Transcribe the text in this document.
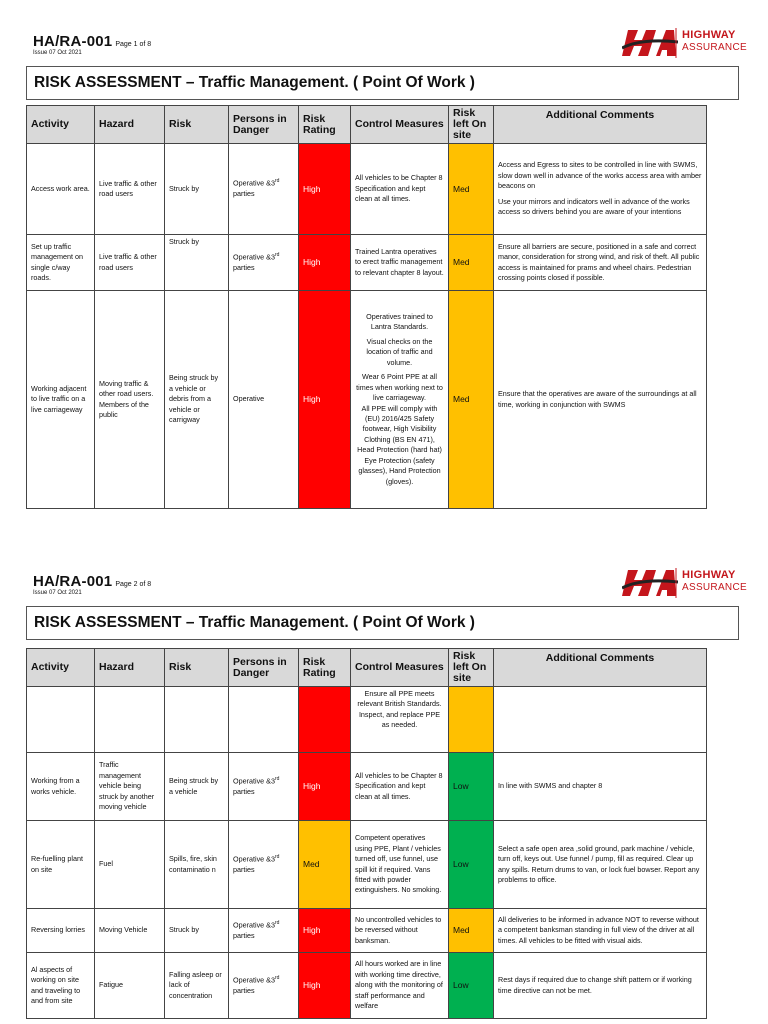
HA/RA-001 Page 1 of 8
Issue 07 Oct 2021
HIGHWAY
ASSURANCE
RISK ASSESSMENT – Traffic Management. ( Point Of Work )
Activity	Hazard	Risk	Persons in Danger	Risk Rating	Control Measures	Risk left On site	Additional Comments
Access work area.	Live traffic & other road users	Struck by	Operative &3rd parties	High	All vehicles to be Chapter 8 Specification and kept clean at all times.	Med	Access and Egress to sites to be controlled in line with SWMS, slow down well in advance of the works access area with amber beacons on

Use your mirrors and indicators well in advance of the works access so drivers behind you are aware of your intentions

Set up traffic management on single c/way roads.	Live traffic & other road users	Struck by	Operative &3rd parties	High	Trained Lantra operatives to erect traffic management to relevant chapter 8 layout.	Med	Ensure all barriers are secure, positioned in a safe and correct manor, consideration for strong wind, and risk of theft. All public access is maintained for prams and wheel chairs. Pedestrian crossing points closed if possible.

Working adjacent to live traffic on a live carriageway	Moving traffic & other road users. Members of the public	Being struck by a vehicle or debris from a vehicle or carrigway	Operative	High	Operatives trained to Lantra Standards.

Visual checks on the location of traffic and volume.

Wear 6 Point PPE at all times when working next to live carriageway.

All PPE will comply with (EU) 2016/425 Safety footwear, High Visibility Clothing (BS EN 471), Head Protection (hard hat) Eye Protection (safety glasses), Hand Protection (gloves).	Med	Ensure that the operatives are aware of the surroundings at all time, working in conjunction with SWMS

HA/RA-001 Page 2 of 8
Issue 07 Oct 2021
HIGHWAY
ASSURANCE
RISK ASSESSMENT – Traffic Management. ( Point Of Work )
Activity	Hazard	Risk	Persons in Danger	Risk Rating	Control Measures	Risk left On site	Additional Comments

					Ensure all PPE meets relevant British Standards. Inspect, and replace PPE as needed.		

Working from a works vehicle.	Traffic management vehicle being struck by another moving vehicle	Being struck by a vehicle	Operative &3rd parties	High	All vehicles to be Chapter 8 Specification and kept clean at all times.	Low	In line with SWMS and chapter 8

Re-fuelling plant on site	Fuel	Spills, fire, skin contaminatio n	Operative &3rd parties	Med	Competent operatives using PPE, Plant / vehicles turned off, use funnel, use spill kit if required. Vans fitted with powder extinguishers. No smoking.	Low	Select a safe open area ,solid ground, park machine / vehicle, turn off, keys out. Use funnel / pump, fill as required. Clear up any spills. Return drums to van, or lock fuel bowser. Report any problems to office.

Reversing lorries	Moving Vehicle	Struck by	Operative &3rd parties	High	No uncontrolled vehicles to be reversed without banksman.	Med	All deliveries to be informed in advance NOT to reverse without a competent banksman standing in full view of the driver at all times. All vehicles to be fitted with visual aids.

Al aspects of working on site and traveling to and from site	Fatigue	Falling asleep or lack of concentration	Operative &3rd parties	High	All hours worked are in line with working time directive, along with the monitoring of staff performance and welfare	Low	Rest days if required due to change shift pattern or if working time directive can not be met.
